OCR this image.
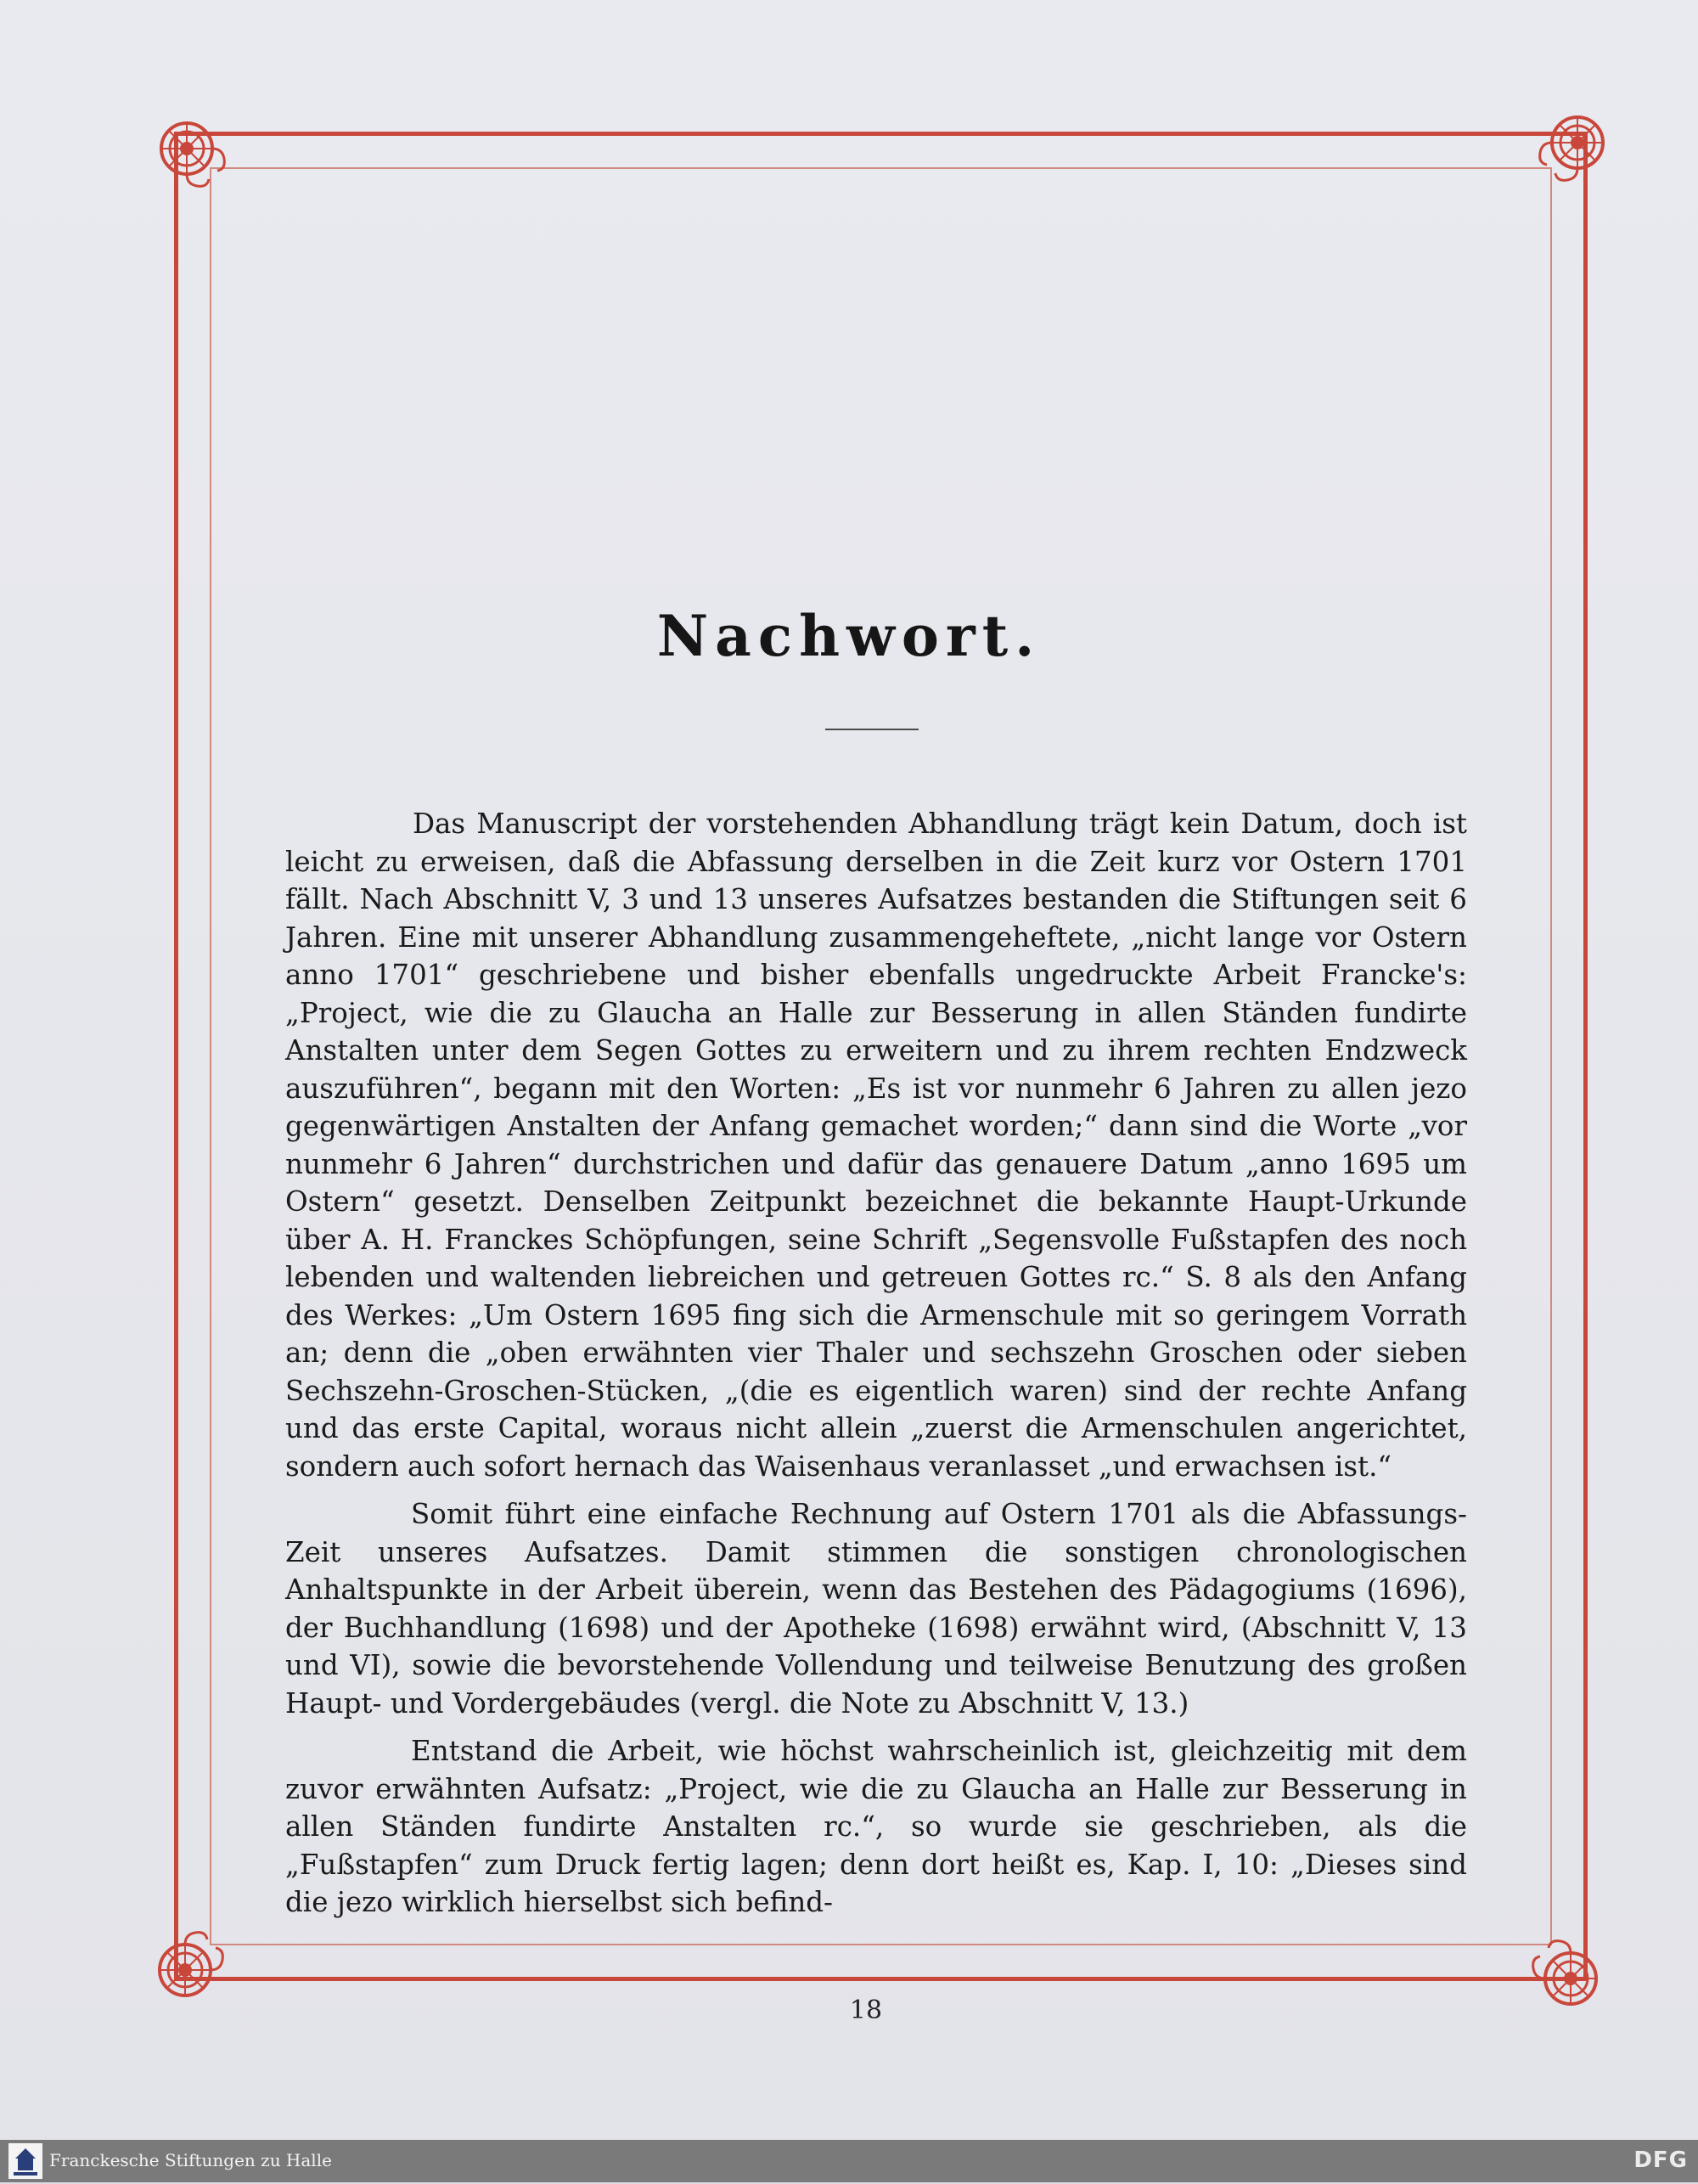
Nachwort.

Das Manuscript der vorstehenden Abhandlung trägt kein Datum, doch ist leicht zu erweisen, daß die Abfassung derselben in die Zeit kurz vor Ostern 1701 fällt. Nach Abschnitt V, 3 und 13 unseres Aufsatzes bestanden die Stiftungen seit 6 Jahren. Eine mit unserer Abhandlung zusammengeheftete, „nicht lange vor Ostern anno 1701“ geschriebene und bisher ebenfalls ungedruckte Arbeit Francke's: „Project, wie die zu Glaucha an Halle zur Besserung in allen Ständen fundirte Anstalten unter dem Segen Gottes zu erweitern und zu ihrem rechten Endzweck auszuführen“, begann mit den Worten: „Es ist vor nunmehr 6 Jahren zu allen jezo gegenwärtigen Anstalten der Anfang gemachet worden;“ dann sind die Worte „vor nunmehr 6 Jahren“ durchstrichen und dafür das genauere Datum „anno 1695 um Ostern“ gesetzt. Denselben Zeitpunkt bezeichnet die bekannte Haupt-Urkunde über A. H. Franckes Schöpfungen, seine Schrift „Segensvolle Fußstapfen des noch lebenden und waltenden liebreichen und getreuen Gottes rc.“ S. 8 als den Anfang des Werkes: „Um Ostern 1695 fing sich die Armenschule mit so geringem Vorrath an; denn die „oben erwähnten vier Thaler und sechszehn Groschen oder sieben Sechszehn-Groschen-Stücken, „(die es eigentlich waren) sind der rechte Anfang und das erste Capital, woraus nicht allein „zuerst die Armenschulen angerichtet, sondern auch sofort hernach das Waisenhaus veranlasset „und erwachsen ist.“

Somit führt eine einfache Rechnung auf Ostern 1701 als die Abfassungs-Zeit unseres Aufsatzes. Damit stimmen die sonstigen chronologischen Anhaltspunkte in der Arbeit überein, wenn das Bestehen des Pädagogiums (1696), der Buchhandlung (1698) und der Apotheke (1698) erwähnt wird, (Abschnitt V, 13 und VI), sowie die bevorstehende Vollendung und teilweise Benutzung des großen Haupt- und Vordergebäudes (vergl. die Note zu Abschnitt V, 13.)

Entstand die Arbeit, wie höchst wahrscheinlich ist, gleichzeitig mit dem zuvor erwähnten Aufsatz: „Project, wie die zu Glaucha an Halle zur Besserung in allen Ständen fundirte Anstalten rc.“, so wurde sie geschrieben, als die „Fußstapfen“ zum Druck fertig lagen; denn dort heißt es, Kap. I, 10: „Dieses sind die jezo wirklich hierselbst sich befind-

18
Franckesche Stiftungen zu Halle	DFG
